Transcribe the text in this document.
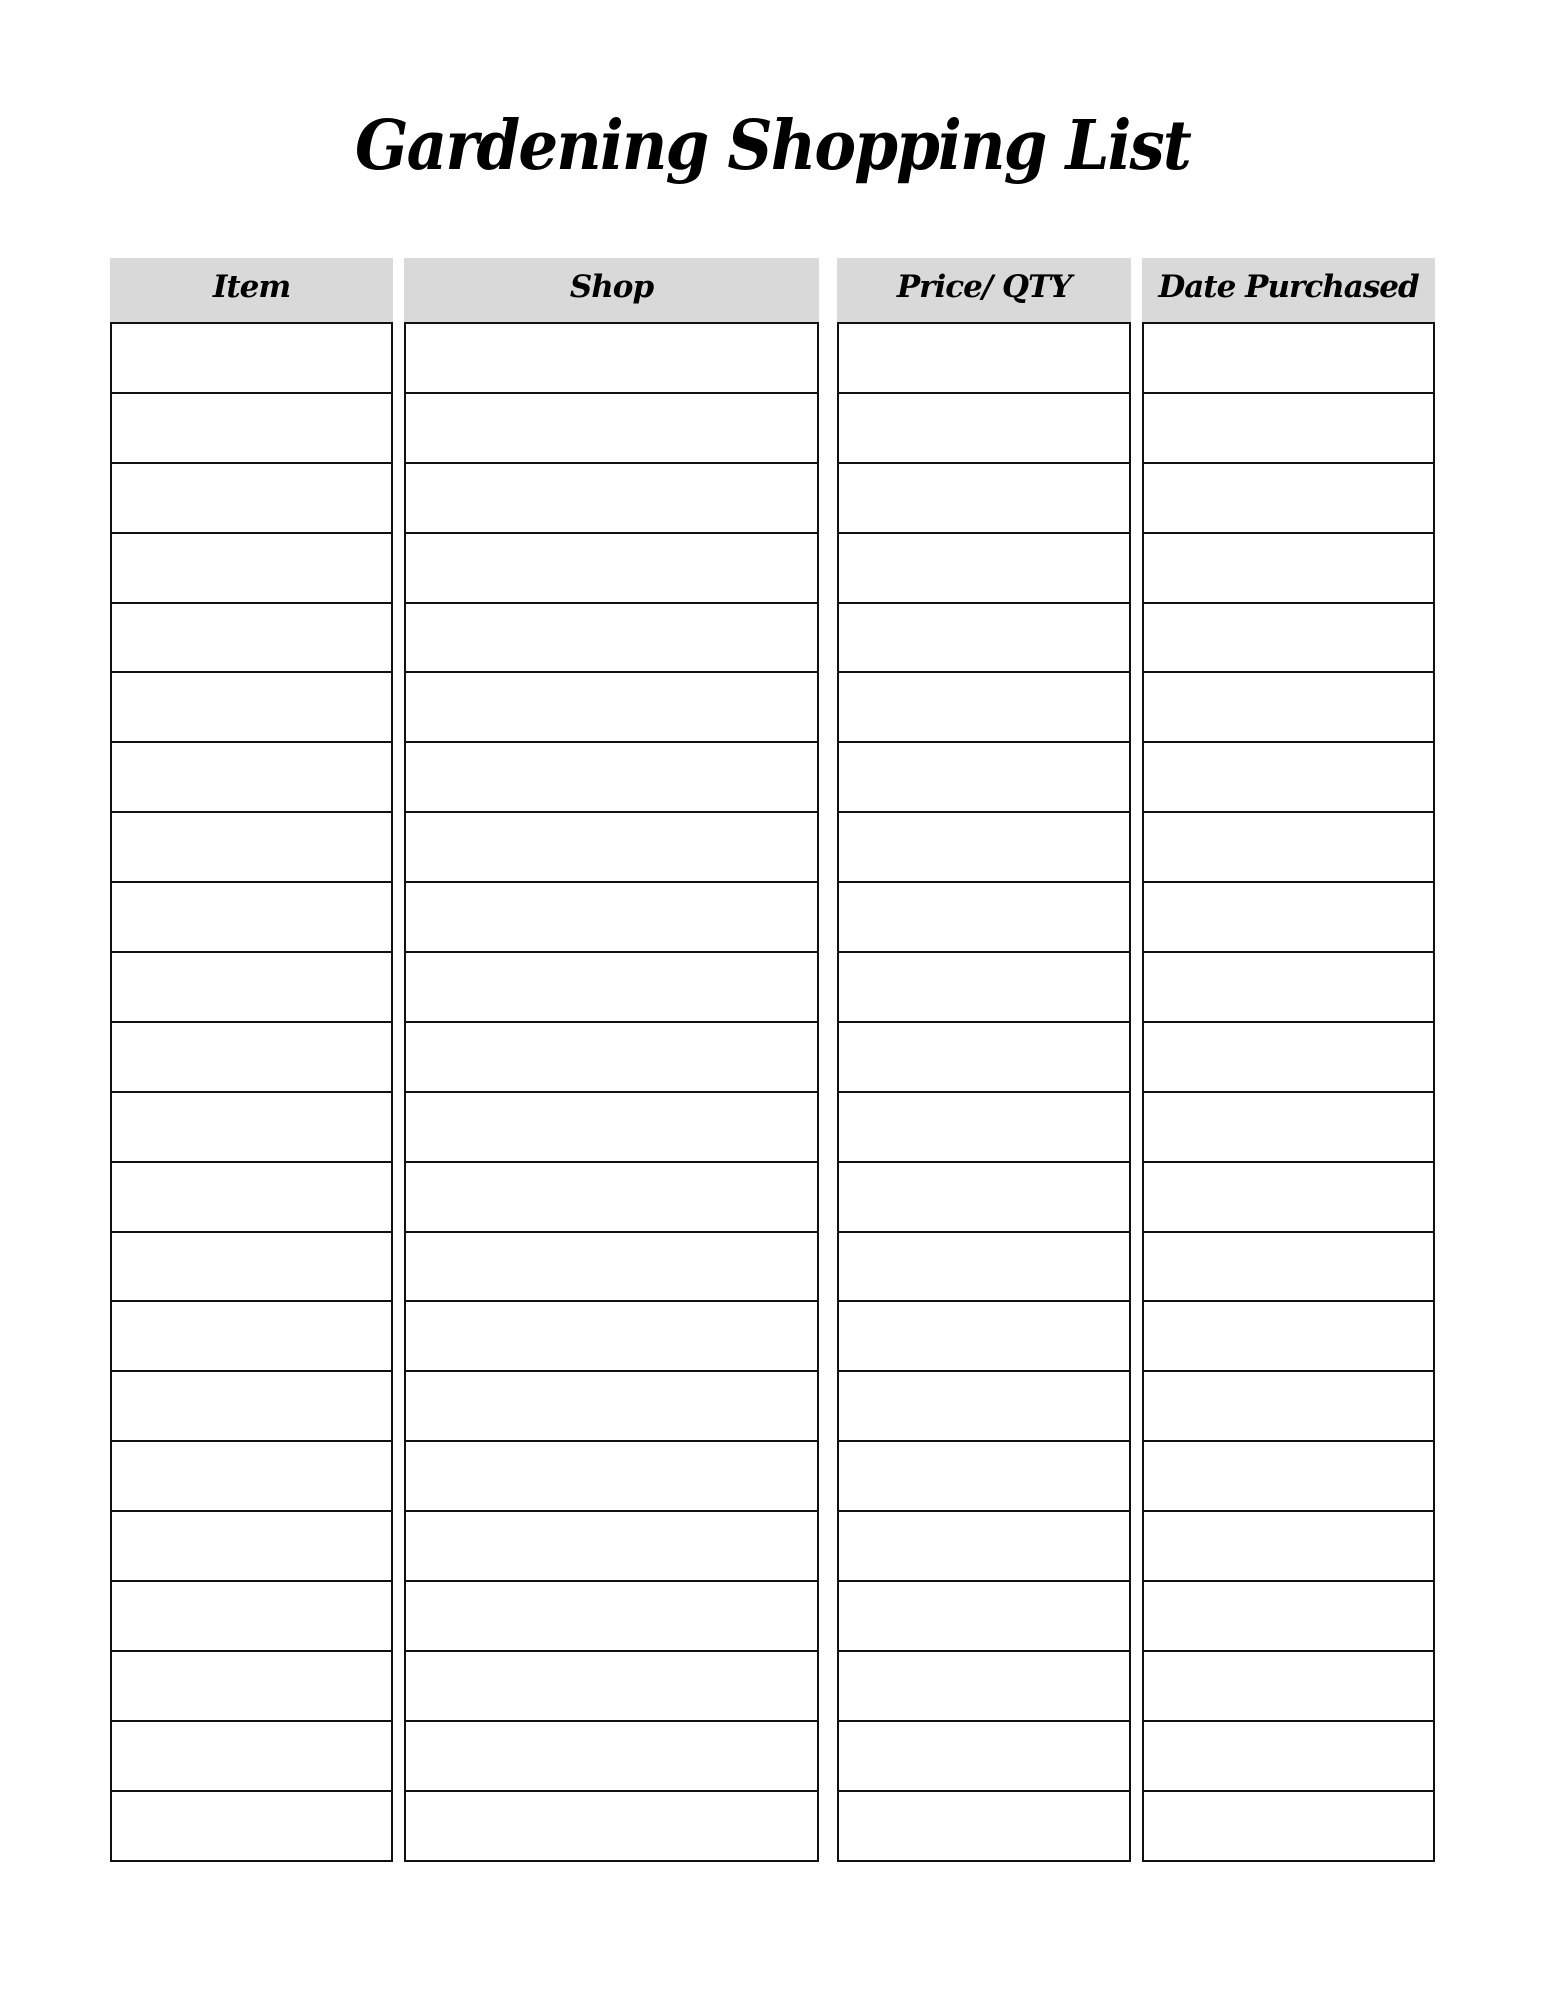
Gardening Shopping List
Item	Shop	Price/ QTY	Date Purchased
